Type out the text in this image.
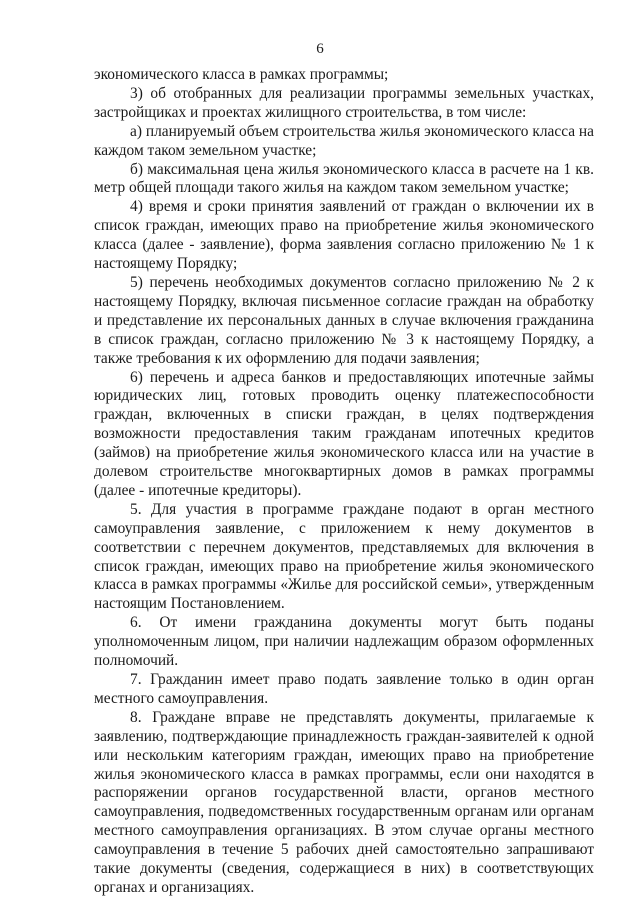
6

экономического класса в рамках программы;

3) об отобранных для реализации программы земельных участках, застройщиках и проектах жилищного строительства, в том числе:

а) планируемый объем строительства жилья экономического класса на каждом таком земельном участке;

б) максимальная цена жилья экономического класса в расчете на 1 кв. метр общей площади такого жилья на каждом таком земельном участке;

4) время и сроки принятия заявлений от граждан о включении их в список граждан, имеющих право на приобретение жилья экономического класса (далее - заявление), форма заявления согласно приложению № 1 к настоящему Порядку;

5) перечень необходимых документов согласно приложению № 2 к настоящему Порядку, включая письменное согласие граждан на обработку и представление их персональных данных в случае включения гражданина в список граждан, согласно приложению № 3 к настоящему Порядку, а также требования к их оформлению для подачи заявления;

6) перечень и адреса банков и предоставляющих ипотечные займы юридических лиц, готовых проводить оценку платежеспособности граждан, включенных в списки граждан, в целях подтверждения возможности предоставления таким гражданам ипотечных кредитов (займов) на приобретение жилья экономического класса или на участие в долевом строительстве многоквартирных домов в рамках программы (далее - ипотечные кредиторы).

5. Для участия в программе граждане подают в орган местного самоуправления заявление, с приложением к нему документов в соответствии с перечнем документов, представляемых для включения в список граждан, имеющих право на приобретение жилья экономического класса в рамках программы «Жилье для российской семьи», утвержденным настоящим Постановлением.

6. От имени гражданина документы могут быть поданы уполномоченным лицом, при наличии надлежащим образом оформленных полномочий.

7. Гражданин имеет право подать заявление только в один орган местного самоуправления.

8. Граждане вправе не представлять документы, прилагаемые к заявлению, подтверждающие принадлежность граждан-заявителей к одной или нескольким категориям граждан, имеющих право на приобретение жилья экономического класса в рамках программы, если они находятся в распоряжении органов государственной власти, органов местного самоуправления, подведомственных государственным органам или органам местного самоуправления организациях. В этом случае органы местного самоуправления в течение 5 рабочих дней самостоятельно запрашивают такие документы (сведения, содержащиеся в них) в соответствующих органах и организациях.
